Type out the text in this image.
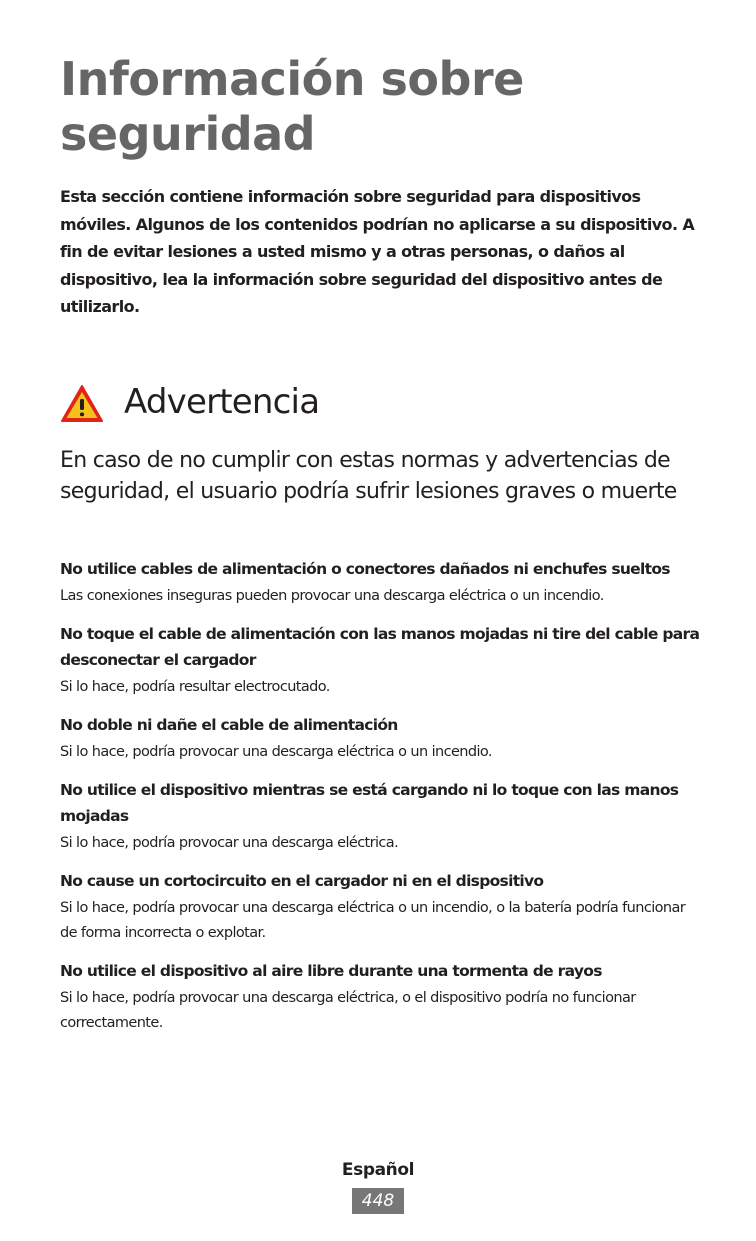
Información sobre seguridad

Esta sección contiene información sobre seguridad para dispositivos móviles. Algunos de los contenidos podrían no aplicarse a su dispositivo. A fin de evitar lesiones a usted mismo y a otras personas, o daños al dispositivo, lea la información sobre seguridad del dispositivo antes de utilizarlo.

Advertencia

En caso de no cumplir con estas normas y advertencias de seguridad, el usuario podría sufrir lesiones graves o muerte

No utilice cables de alimentación o conectores dañados ni enchufes sueltos

Las conexiones inseguras pueden provocar una descarga eléctrica o un incendio.

No toque el cable de alimentación con las manos mojadas ni tire del cable para desconectar el cargador

Si lo hace, podría resultar electrocutado.

No doble ni dañe el cable de alimentación

Si lo hace, podría provocar una descarga eléctrica o un incendio.

No utilice el dispositivo mientras se está cargando ni lo toque con las manos mojadas

Si lo hace, podría provocar una descarga eléctrica.

No cause un cortocircuito en el cargador ni en el dispositivo

Si lo hace, podría provocar una descarga eléctrica o un incendio, o la batería podría funcionar de forma incorrecta o explotar.

No utilice el dispositivo al aire libre durante una tormenta de rayos

Si lo hace, podría provocar una descarga eléctrica, o el dispositivo podría no funcionar correctamente.

Español
448
